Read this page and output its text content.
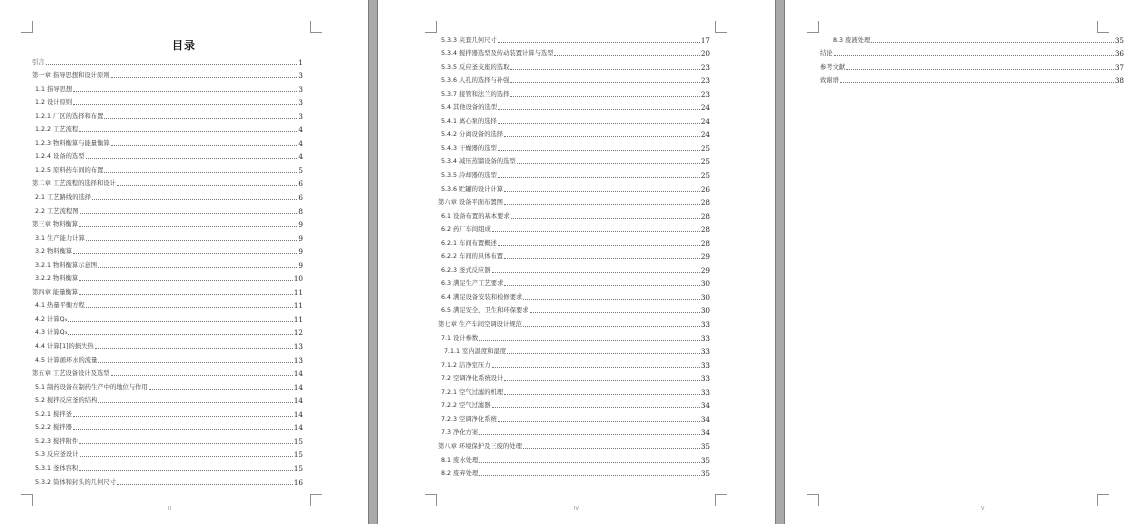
目录
引言	1
第一章 指导思想和设计原则	3
1.1 指导思想	3
1.2 设计原则	3
1.2.1 厂区的选择和布置	3
1.2.2 工艺流程	4
1.2.3 物料衡算与能量衡算	4
1.2.4 设备的选型	4
1.2.5 原料药车间的布置	5
第二章 工艺流程的选择和设计	6
2.1 工艺路线的选择	6
2.2 工艺流程图	8
第三章 物料衡算	9
3.1 生产能力计算	9
3.2 物料衡算	9
3.2.1 物料衡算示意图	9
3.2.2 物料衡算	10
第四章 能量衡算	11
4.1 热量平衡方程	11
4.2 计算Q₄	11
4.3 计算Q₃	12
4.4 计算[1]的损失热	13
4.5 计算循环水的流量	13
第五章 工艺设备设计及选型	14
5.1 制药设备在制药生产中的地位与作用	14
5.2 搅拌反应釜的结构	14
5.2.1 搅拌釜	14
5.2.2 搅拌器	14
5.2.3 搅拌附件	15
5.3 反应釜设计	15
5.3.1 釜体容积	15
5.3.2 筒体和封头的几何尺寸	16
II
5.3.3 夹套几何尺寸	17
5.3.4 搅拌器选型及传动装置计算与选型	20
5.3.5 反应釜支座的选取	23
5.3.6 人孔的选择与补强	23
5.3.7 接管和法兰的选择	23
5.4 其他设备的选型	24
5.4.1 离心泵的选择	24
5.4.2 分离设备的选择	24
5.4.3 干燥器的选型	25
5.3.4 减压蒸馏设备的选型	25
5.3.5 冷却器的选型	25
5.3.6 贮罐的设计计算	26
第六章 设备平面布置图	28
6.1 设备布置的基本要求	28
6.2 药厂车间组成	28
6.2.1 车间布置概述	28
6.2.2 车间的具体布置	29
6.2.3 釜式反应器	29
6.3 满足生产工艺要求	30
6.4 满足设备安装和检修要求	30
6.5 满足安全、卫生和环保要求	30
第七章 生产车间空调设计规范	33
7.1 设计参数	33
7.1.1 室内温度和湿度	33
7.1.2 洁净室压力	33
7.2 空调净化系统设计	33
7.2.1 空气过滤的机理	33
7.2.2 空气过滤器	34
7.2.3 空调净化系统	34
7.3 净化方案	34
第八章 环境保护及三废的处理	35
8.1 废水处理	35
8.2 废弃处理	35
IV
8.3 废液处理	35
结论	36
参考文献	37
致谢语	38
V
